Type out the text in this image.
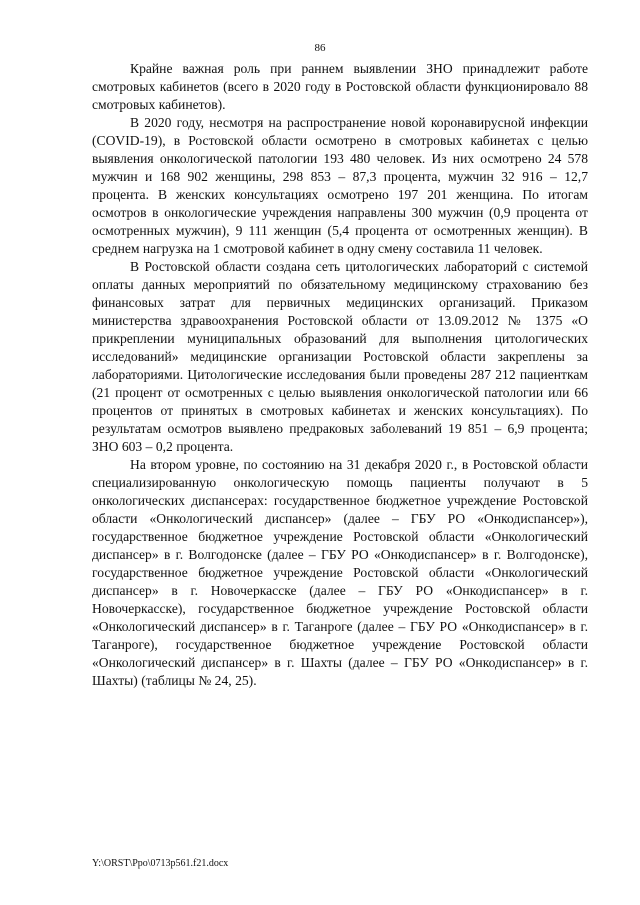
86

Крайне важная роль при раннем выявлении ЗНО принадлежит работе смотровых кабинетов (всего в 2020 году в Ростовской области функционировало 88 смотровых кабинетов).

В 2020 году, несмотря на распространение новой коронавирусной инфекции (COVID-19), в Ростовской области осмотрено в смотровых кабинетах с целью выявления онкологической патологии 193 480 человек. Из них осмотрено 24 578 мужчин и 168 902 женщины, 298 853 – 87,3 процента, мужчин 32 916 – 12,7 процента. В женских консультациях осмотрено 197 201 женщина. По итогам осмотров в онкологические учреждения направлены 300 мужчин (0,9 процента от осмотренных мужчин), 9 111 женщин (5,4 процента от осмотренных женщин). В среднем нагрузка на 1 смотровой кабинет в одну смену составила 11 человек.

В Ростовской области создана сеть цитологических лабораторий с системой оплаты данных мероприятий по обязательному медицинскому страхованию без финансовых затрат для первичных медицинских организаций. Приказом министерства здравоохранения Ростовской области от 13.09.2012 № 1375 «О прикреплении муниципальных образований для выполнения цитологических исследований» медицинские организации Ростовской области закреплены за лабораториями. Цитологические исследования были проведены 287 212 пациенткам (21 процент от осмотренных с целью выявления онкологической патологии или 66 процентов от принятых в смотровых кабинетах и женских консультациях). По результатам осмотров выявлено предраковых заболеваний 19 851 – 6,9 процента; ЗНО 603 – 0,2 процента.

На втором уровне, по состоянию на 31 декабря 2020 г., в Ростовской области специализированную онкологическую помощь пациенты получают в 5 онкологических диспансерах: государственное бюджетное учреждение Ростовской области «Онкологический диспансер» (далее – ГБУ РО «Онкодиспансер»), государственное бюджетное учреждение Ростовской области «Онкологический диспансер» в г. Волгодонске (далее – ГБУ РО «Онкодиспансер» в г. Волгодонске), государственное бюджетное учреждение Ростовской области «Онкологический диспансер» в г. Новочеркасске (далее – ГБУ РО «Онкодиспансер» в г. Новочеркасске), государственное бюджетное учреждение Ростовской области «Онкологический диспансер» в г. Таганроге (далее – ГБУ РО «Онкодиспансер» в г. Таганроге), государственное бюджетное учреждение Ростовской области «Онкологический диспансер» в г. Шахты (далее – ГБУ РО «Онкодиспансер» в г. Шахты) (таблицы № 24, 25).

Y:\ORST\Ppo\0713p561.f21.docx
